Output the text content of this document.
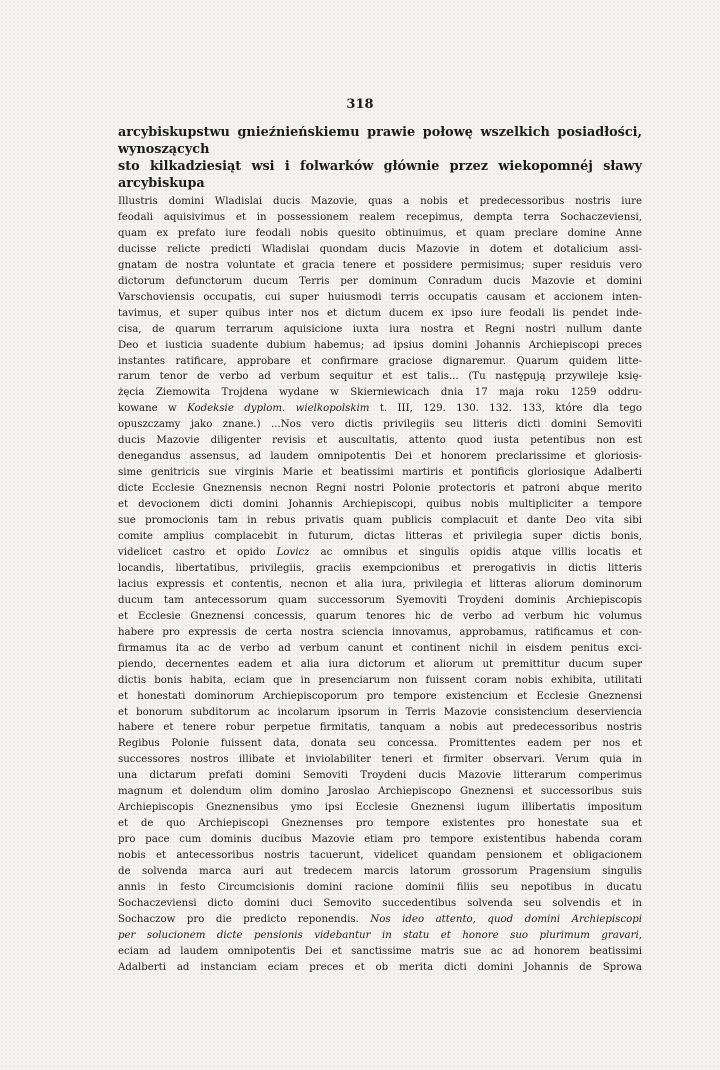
318
arcybiskupstwu gnieźnieńskiemu prawie połowę wszelkich posiadłości, wynoszących
sto kilkadziesiąt wsi i folwarków głównie przez wiekopomnéj sławy arcybiskupa
Illustris domini Wladislai ducis Mazovie, quas a nobis et predecessoribus nostris iure
feodali aquisivimus et in possessionem realem recepimus, dempta terra Sochaczeviensi,
quam ex prefato iure feodali nobis quesito obtinuimus, et quam preclare domine Anne
ducisse relicte predicti Wladislai quondam ducis Mazovie in dotem et dotalicium assi-
gnatam de nostra voluntate et gracia tenere et possidere permisimus; super residuis vero
dictorum defunctorum ducum Terris per dominum Conradum ducis Mazovie et domini
Varschoviensis occupatis, cui super huiusmodi terris occupatis causam et accionem inten-
tavimus, et super quibus inter nos et dictum ducem ex ipso iure feodali lis pendet inde-
cisa, de quarum terrarum aquisicione iuxta iura nostra et Regni nostri nullum dante
Deo et iusticia suadente dubium habemus; ad ipsius domini Johannis Archiepiscopi preces
instantes ratificare, approbare et confirmare graciose dignaremur. Quarum quidem litte-
rarum tenor de verbo ad verbum sequitur et est talis... (Tu następują przywileje księ-
żęcia Ziemowita Trojdena wydane w Skierniewicach dnia 17 maja roku 1259 oddru-
kowane w Kodeksie dyplom. wielkopolskim t. III, 129. 130. 132. 133, które dla tego
opuszczamy jako znane.) ...Nos vero dictis privilegiis seu litteris dicti domini Semoviti
ducis Mazovie diligenter revisis et auscultatis, attento quod iusta petentibus non est
denegandus assensus, ad laudem omnipotentis Dei et honorem preclarissime et gloriosis-
sime genitricis sue virginis Marie et beatissimi martiris et pontificis gloriosique Adalberti
dicte Ecclesie Gneznensis necnon Regni nostri Polonie protectoris et patroni abque merito
et devocionem dicti domini Johannis Archiepiscopi, quibus nobis multipliciter a tempore
sue promocionis tam in rebus privatis quam publicis complacuit et dante Deo vita sibi
comite amplius complacebit in futurum, dictas litteras et privilegia super dictis bonis,
videlicet castro et opido Lovicz ac omnibus et singulis opidis atque villis locatis et
locandis, libertatibus, privilegiis, graciis exempcionibus et prerogativis in dictis litteris
lacius expressis et contentis, necnon et alia iura, privilegia et litteras aliorum dominorum
ducum tam antecessorum quam successorum Syemoviti Troydeni dominis Archiepiscopis
et Ecclesie Gneznensi concessis, quarum tenores hic de verbo ad verbum hic volumus
habere pro expressis de certa nostra sciencia innovamus, approbamus, ratificamus et con-
firmamus ita ac de verbo ad verbum canunt et continent nichil in eisdem penitus exci-
piendo, decernentes eadem et alia iura dictorum et aliorum ut premittitur ducum super
dictis bonis habita, eciam que in presenciarum non fuissent coram nobis exhibita, utilitati
et honestati dominorum Archiepiscoporum pro tempore existencium et Ecclesie Gneznensi
et bonorum subditorum ac incolarum ipsorum in Terris Mazovie consistencium deserviencia
habere et tenere robur perpetue firmitatis, tanquam a nobis aut predecessoribus nostris
Regibus Polonie fuissent data, donata seu concessa. Promittentes eadem per nos et
successores nostros illibate et inviolabiliter teneri et firmiter observari. Verum quia in
una dictarum prefati domini Semoviti Troydeni ducis Mazovie litterarum comperimus
magnum et dolendum olim domino Jaroslao Archiepiscopo Gneznensi et successoribus suis
Archiepiscopis Gneznensibus ymo ipsi Ecclesie Gneznensi iugum illibertatis impositum
et de quo Archiepiscopi Gneznenses pro tempore existentes pro honestate sua et
pro pace cum dominis ducibus Mazovie etiam pro tempore existentibus habenda coram
nobis et antecessoribus nostris tacuerunt, videlicet quandam pensionem et obligacionem
de solvenda marca auri aut tredecem marcis latorum grossorum Pragensium singulis
annis in festo Circumcisionis domini racione dominii filiis seu nepotibus in ducatu
Sochaczeviensi dicto domini duci Semovito succedentibus solvenda seu solvendis et in
Sochaczow pro die predicto reponendis. Nos ideo attento, quod domini Archiepiscopi
per solucionem dicte pensionis videbantur in statu et honore suo plurimum gravari,
eciam ad laudem omnipotentis Dei et sanctissime matris sue ac ad honorem beatissimi
Adalberti ad instanciam eciam preces et ob merita dicti domini Johannis de Sprowa
